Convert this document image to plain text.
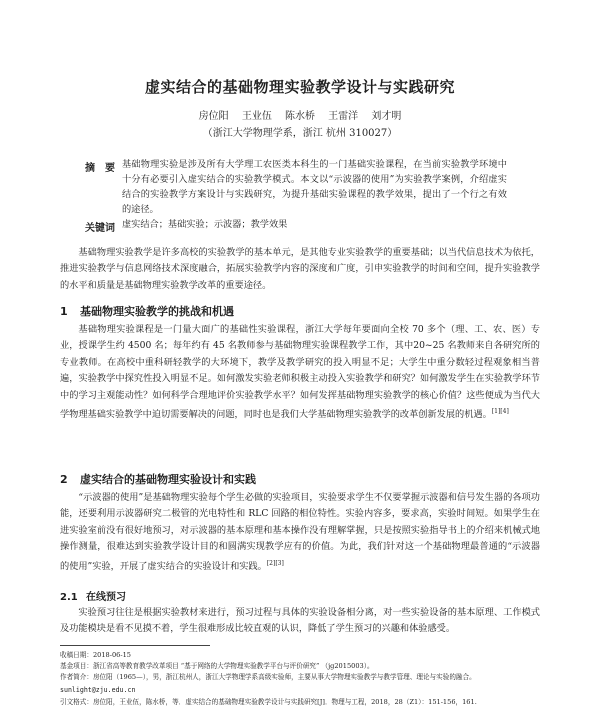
虚实结合的基础物理实验教学设计与实践研究
房位阳 王业伍 陈水桥 王雷洋 刘才明
（浙江大学物理学系，浙江 杭州 310027）
摘　要 基础物理实验是涉及所有大学理工农医类本科生的一门基础实验课程，在当前实验教学环境中十分有必要引入虚实结合的实验教学模式。本文以“示波器的使用”为实验教学案例，介绍虚实结合的实验教学方案设计与实践研究，为提升基础实验课程的教学效果，提出了一个行之有效的途径。
关键词 虚实结合；基础实验；示波器；教学效果
基础物理实验教学是许多高校的实验教学的基本单元，是其他专业实验教学的重要基础；以当代信息技术为依托，推进实验教学与信息网络技术深度融合，拓展实验教学内容的深度和广度，引申实验教学的时间和空间，提升实验教学的水平和质量是基础物理实验教学改革的重要途径。
1 基础物理实验教学的挑战和机遇
基础物理实验课程是一门量大面广的基础性实验课程，浙江大学每年要面向全校 70 多个（理、工、农、医）专业，授课学生约 4500 名；每年约有 45 名教师参与基础物理实验课程教学工作，其中20~25 名教师来自各研究所的专业教师。在高校中重科研轻教学的大环境下，教学及教学研究的投入明显不足；大学生中重分数轻过程观象相当普遍，实验教学中探究性投入明显不足。如何激发实验老师积极主动投入实验教学和研究？如何激发学生在实验教学环节中的学习主观能动性？如何科学合理地评价实验教学水平？如何发挥基础物理实验教学的核心价值？这些便成为当代大学物理基础实验教学中迫切需要解决的问题，同时也是我们大学基础物理实验教学的改革创新发展的机遇。[1][4]
2 虚实结合的基础物理实验设计和实践
“示波器的使用”是基础物理实验每个学生必做的实验项目，实验要求学生不仅要掌握示波器和信号发生器的各项功能，还要利用示波器研究二极管的光电特性和 RLC 回路的相位特性。实验内容多，要求高，实验时间短。如果学生在进实验室前没有很好地预习，对示波器的基本原理和基本操作没有理解掌握，只是按照实验指导书上的介绍来机械式地操作测量，很难达到实验教学设计目的和圆满实现教学应有的价值。为此，我们针对这一个基础物理最普通的“示波器的使用”实验，开展了虚实结合的实验设计和实践。[2][3]
2.1 在线预习
实验预习往往是根据实验教材来进行，预习过程与具体的实验设备相分离，对一些实验设备的基本原理、工作模式及功能模块是看不见摸不着，学生很难形成比较直观的认识，降低了学生预习的兴趣和体验感受。
收稿日期：2018-06-15
基金项目：浙江省高等教育教学改革项目 “基于网络的大学物理实验教学平台与评价研究” （jg2015003）。
作者简介：房位阳（1965—），男，浙江杭州人，浙江大学物理学系高级实验师，主要从事大学物理实验教学与教学管理、理论与实验的融合。
sunlight@zju.edu.cn
引文格式：房位阳，王业伍，陈水桥，等．虚实结合的基础物理实验教学设计与实践研究[J]．物理与工程，2018，28（Z1）：151-156，161.
